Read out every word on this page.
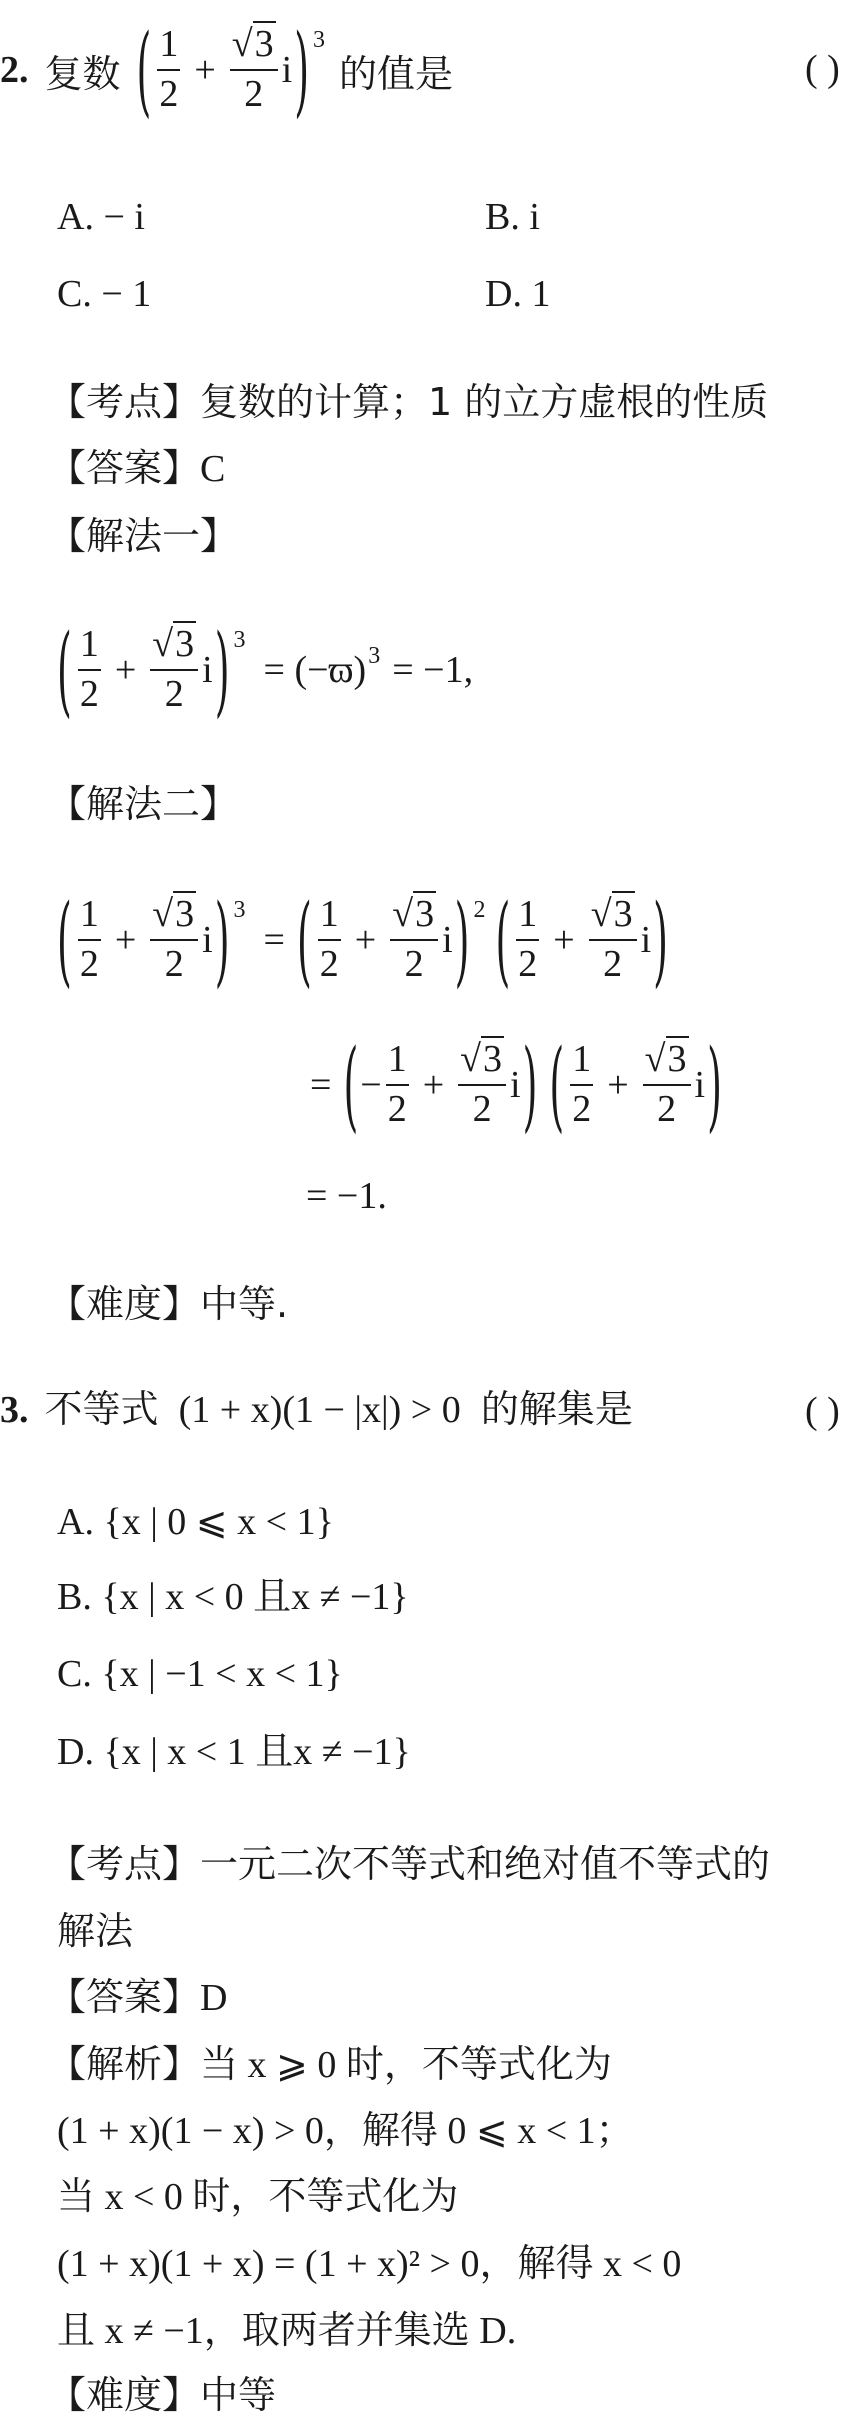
2. 复数 ( $\frac{1}{2} + \frac{√3}{2}$ i ) 3
的值是	( )
A. − i	B. i
C. − 1	D. 1
【考点】复数的计算；1 的立方虚根的性质
【答案】C
【解法一】
( $\frac{1}{2} + \frac{√3}{2}$ i ) 3
= (−ϖ) 3 = −1,
【解法二】
( $\frac{1}{2} + \frac{√3}{2}$ i ) 3
= ( $\frac{1}{2} + \frac{√3}{2}$ i ) 2 ( $\frac{1}{2} + \frac{√3}{2}$ i )
= ( − $\frac{1}{2} + \frac{√3}{2}$ i ) ( $\frac{1}{2} + \frac{√3}{2}$ i )
= −1.
【难度】中等.
3. 不等式 (1 + x)(1 − |x|) > 0 的解集是	( )
A. {x | 0 ⩽ x < 1}
B. {x | x < 0 且x ≠ −1}
C. {x | −1 < x < 1}
D. {x | x < 1 且x ≠ −1}
【考点】一元二次不等式和绝对值不等式的
解法
【答案】D
【解析】当 x ⩾ 0 时，不等式化为
(1 + x)(1 − x) > 0，解得 0 ⩽ x < 1；
当 x < 0 时，不等式化为
(1 + x)(1 + x) = (1 + x)² > 0，解得 x < 0
且 x ≠ −1，取两者并集选 D.
【难度】中等
